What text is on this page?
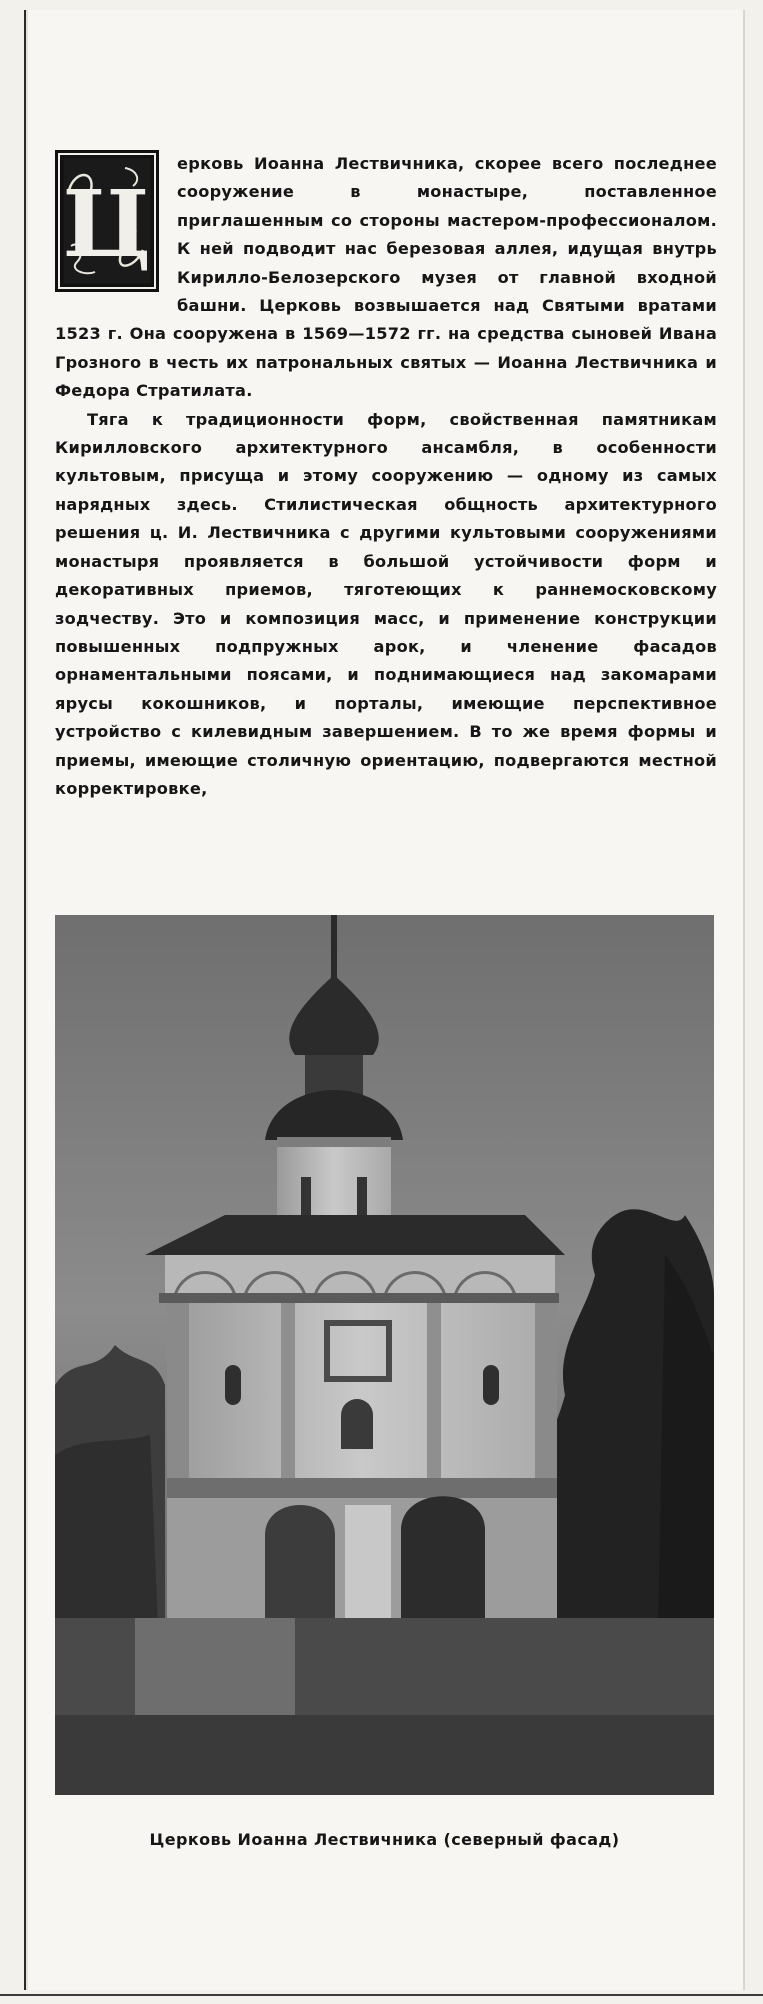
Ц

ерковь Иоанна Лествичника, скорее всего последнее сооружение в монастыре, поставленное приглашенным со стороны мастером-профессионалом. К ней подводит нас березовая аллея, идущая внутрь Кирилло-Белозерского музея от главной входной башни. Церковь возвышается над Святыми вратами 1523 г. Она сооружена в 1569—1572 гг. на средства сыновей Ивана Грозного в честь их патрональных святых — Иоанна Лествичника и Федора Стратилата.

Тяга к традиционности форм, свойственная памятникам Кирилловского архитектурного ансамбля, в особенности культовым, присуща и этому сооружению — одному из самых нарядных здесь. Стилистическая общность архитектурного решения ц. И. Лествичника с другими культовыми сооружениями монастыря проявляется в большой устойчивости форм и декоративных приемов, тяготеющих к раннемосковскому зодчеству. Это и композиция масс, и применение конструкции повышенных подпружных арок, и членение фасадов орнаментальными поясами, и поднимающиеся над закомарами ярусы кокошников, и порталы, имеющие перспективное устройство с килевидным завершением. В то же время формы и приемы, имеющие столичную ориентацию, подвергаются местной корректировке,

Церковь Иоанна Лествичника (северный фасад)
